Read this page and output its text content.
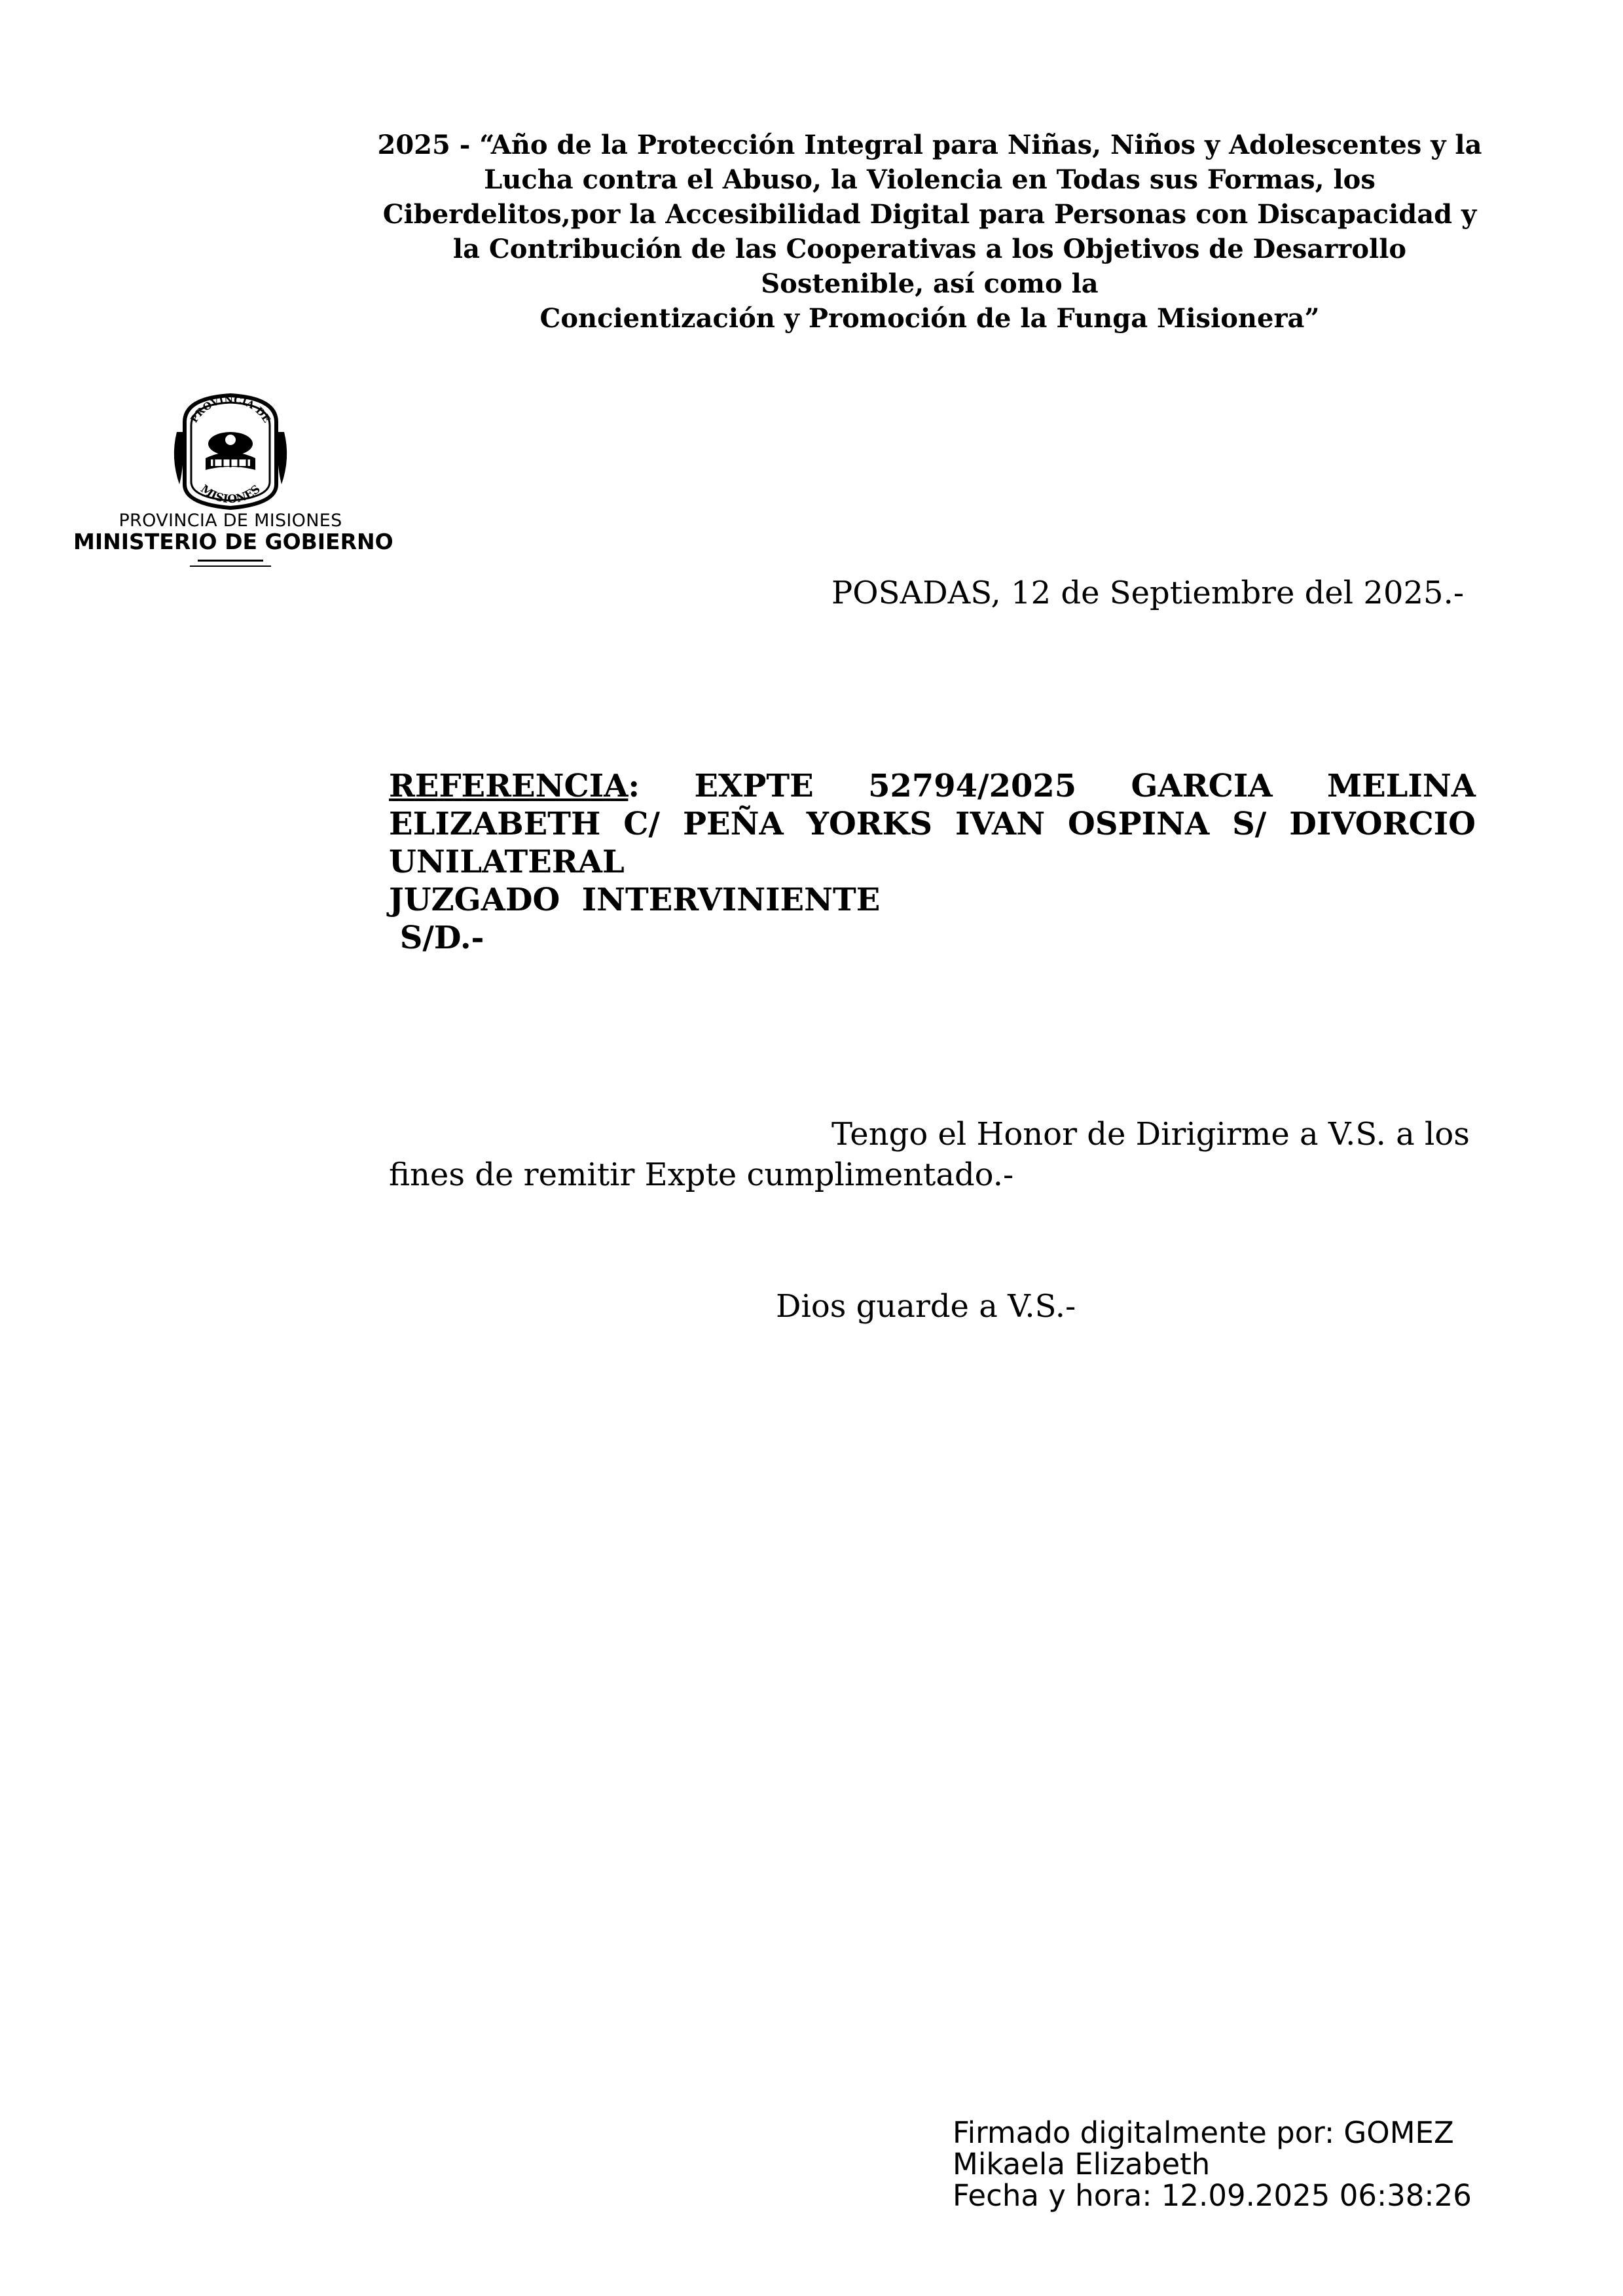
2025 - “Año de la Protección Integral para Niñas, Niños y Adolescentes y la
Lucha contra el Abuso, la Violencia en Todas sus Formas, los
Ciberdelitos,por la Accesibilidad Digital para Personas con Discapacidad y
la Contribución de las Cooperativas a los Objetivos de Desarrollo
Sostenible, así como la
Concientización y Promoción de la Funga Misionera”
PROVINCIA DE
MISIONES
PROVINCIA DE MISIONES
MINISTERIO DE GOBIERNO
POSADAS, 12 de Septiembre del 2025.-
REFERENCIA: EXPTE 52794/2025 GARCIA MELINA
ELIZABETH C/ PEÑA YORKS IVAN OSPINA S/ DIVORCIO
UNILATERAL
JUZGADO  INTERVINIENTE
S/D.-
Tengo el Honor de Dirigirme a V.S. a los
fines de remitir Expte cumplimentado.-
Dios guarde a V.S.-
Firmado digitalmente por: GOMEZ
Mikaela Elizabeth
Fecha y hora: 12.09.2025 06:38:26
